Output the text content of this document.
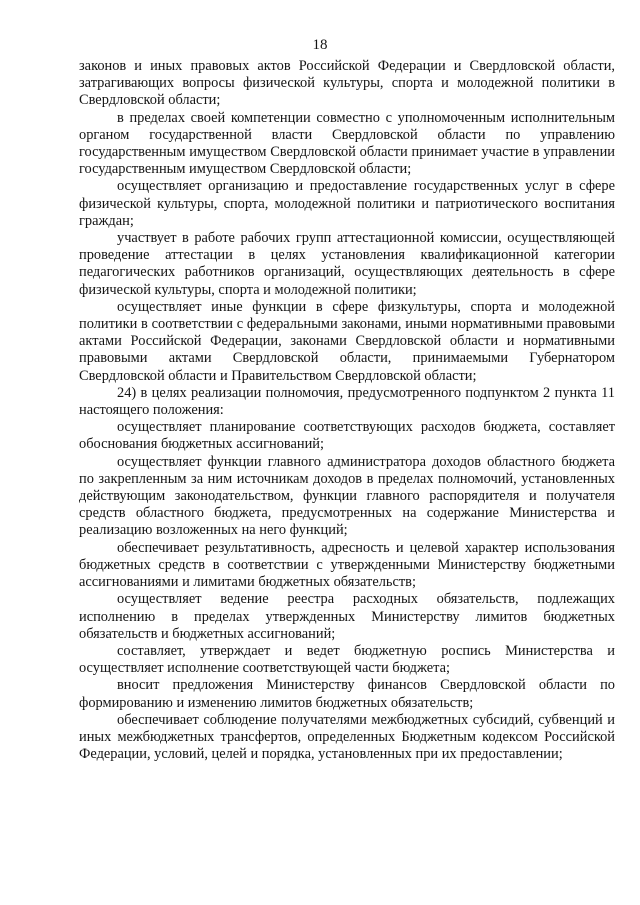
18

законов и иных правовых актов Российской Федерации и Свердловской области, затрагивающих вопросы физической культуры, спорта и молодежной политики в Свердловской области;

в пределах своей компетенции совместно с уполномоченным исполнительным органом государственной власти Свердловской области по управлению государственным имуществом Свердловской области принимает участие в управлении государственным имуществом Свердловской области;

осуществляет организацию и предоставление государственных услуг в сфере физической культуры, спорта, молодежной политики и патриотического воспитания граждан;

участвует в работе рабочих групп аттестационной комиссии, осуществляющей проведение аттестации в целях установления квалификационной категории педагогических работников организаций, осуществляющих деятельность в сфере физической культуры, спорта и молодежной политики;

осуществляет иные функции в сфере физкультуры, спорта и молодежной политики в соответствии с федеральными законами, иными нормативными правовыми актами Российской Федерации, законами Свердловской области и нормативными правовыми актами Свердловской области, принимаемыми Губернатором Свердловской области и Правительством Свердловской области;

24) в целях реализации полномочия, предусмотренного подпунктом 2 пункта 11 настоящего положения:

осуществляет планирование соответствующих расходов бюджета, составляет обоснования бюджетных ассигнований;

осуществляет функции главного администратора доходов областного бюджета по закрепленным за ним источникам доходов в пределах полномочий, установленных действующим законодательством, функции главного распорядителя и получателя средств областного бюджета, предусмотренных на содержание Министерства и реализацию возложенных на него функций;

обеспечивает результативность, адресность и целевой характер использования бюджетных средств в соответствии с утвержденными Министерству бюджетными ассигнованиями и лимитами бюджетных обязательств;

осуществляет ведение реестра расходных обязательств, подлежащих исполнению в пределах утвержденных Министерству лимитов бюджетных обязательств и бюджетных ассигнований;

составляет, утверждает и ведет бюджетную роспись Министерства и осуществляет исполнение соответствующей части бюджета;

вносит предложения Министерству финансов Свердловской области по формированию и изменению лимитов бюджетных обязательств;

обеспечивает соблюдение получателями межбюджетных субсидий, субвенций и иных межбюджетных трансфертов, определенных Бюджетным кодексом Российской Федерации, условий, целей и порядка, установленных при их предоставлении;
